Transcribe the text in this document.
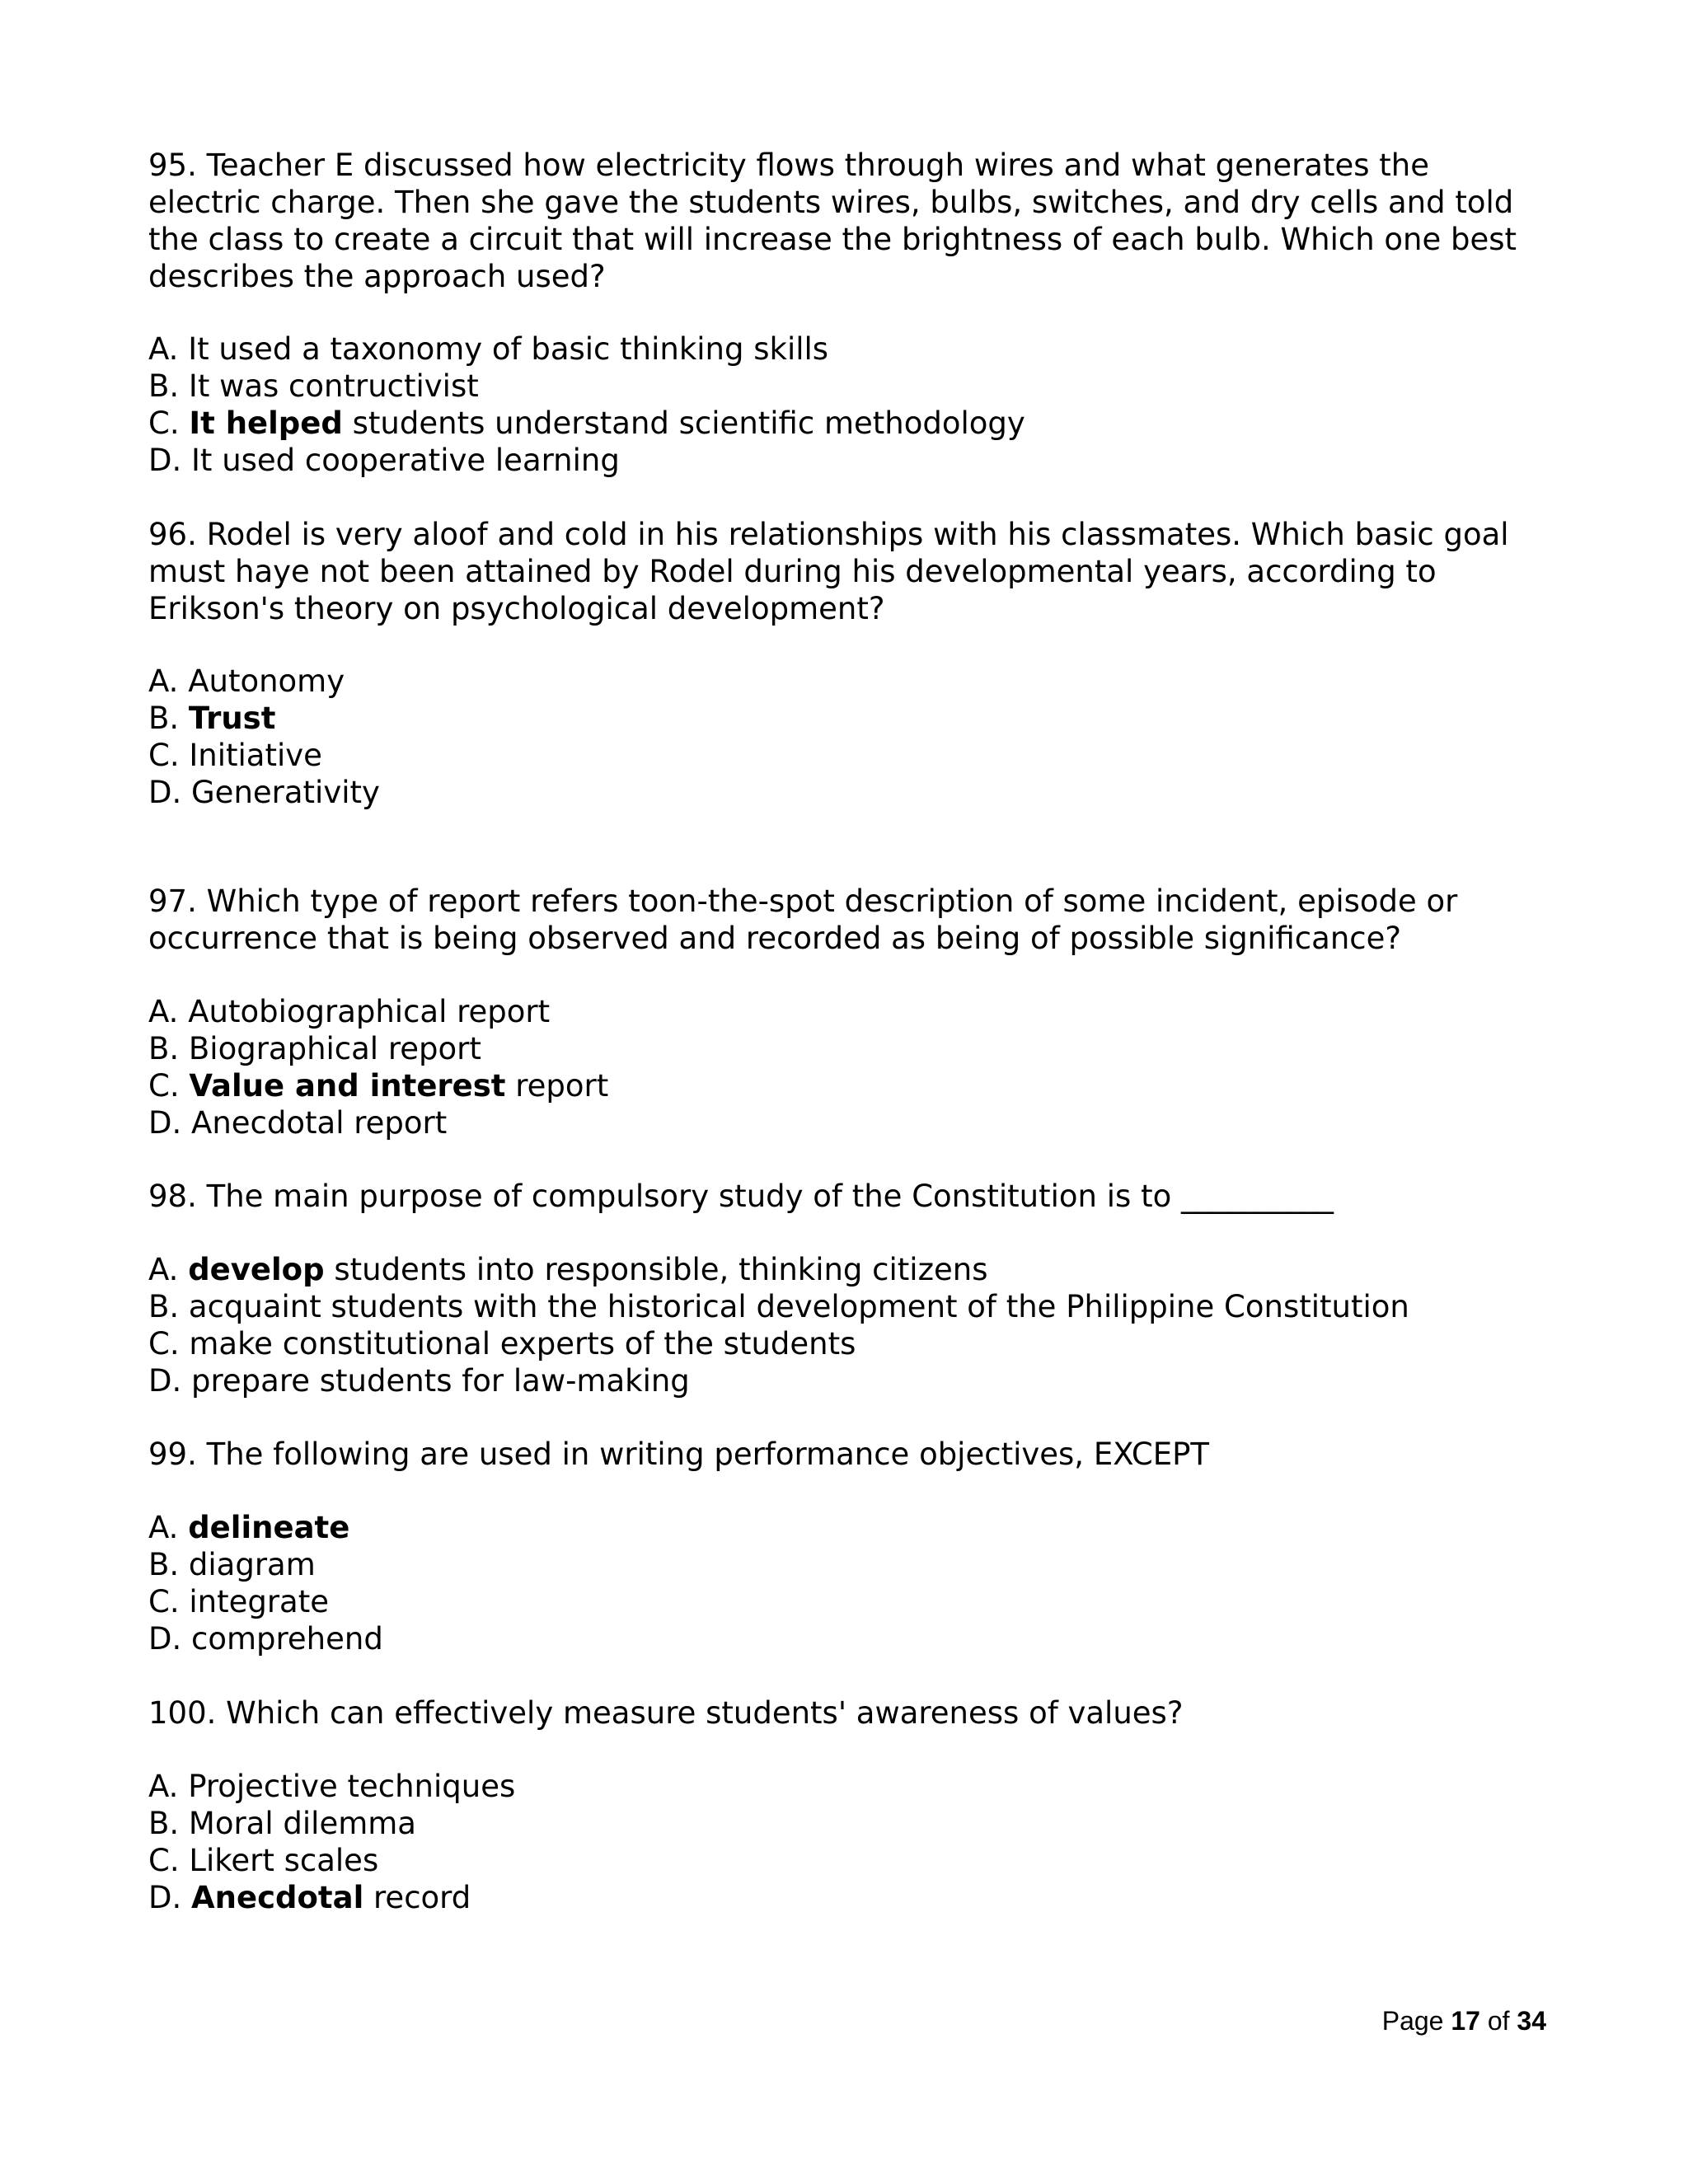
95. Teacher E discussed how electricity flows through wires and what generates the electric charge. Then she gave the students wires, bulbs, switches, and dry cells and told the class to create a circuit that will increase the brightness of each bulb. Which one best describes the approach used?
A. It used a taxonomy of basic thinking skills
B. It was contructivist
C. It helped students understand scientific methodology
D. It used cooperative learning
96. Rodel is very aloof and cold in his relationships with his classmates. Which basic goal must haye not been attained by Rodel during his developmental years, according to Erikson's theory on psychological development?
A. Autonomy
B. Trust
C. Initiative
D. Generativity
97. Which type of report refers toon-the-spot description of some incident, episode or occurrence that is being observed and recorded as being of possible significance?
A. Autobiographical report
B. Biographical report
C. Value and interest report
D. Anecdotal report
98. The main purpose of compulsory study of the Constitution is to __________
A. develop students into responsible, thinking citizens
B. acquaint students with the historical development of the Philippine Constitution
C. make constitutional experts of the students
D. prepare students for law-making
99. The following are used in writing performance objectives, EXCEPT
A. delineate
B. diagram
C. integrate
D. comprehend
100. Which can effectively measure students' awareness of values?
A. Projective techniques
B. Moral dilemma
C. Likert scales
D. Anecdotal record
Page 17 of 34
